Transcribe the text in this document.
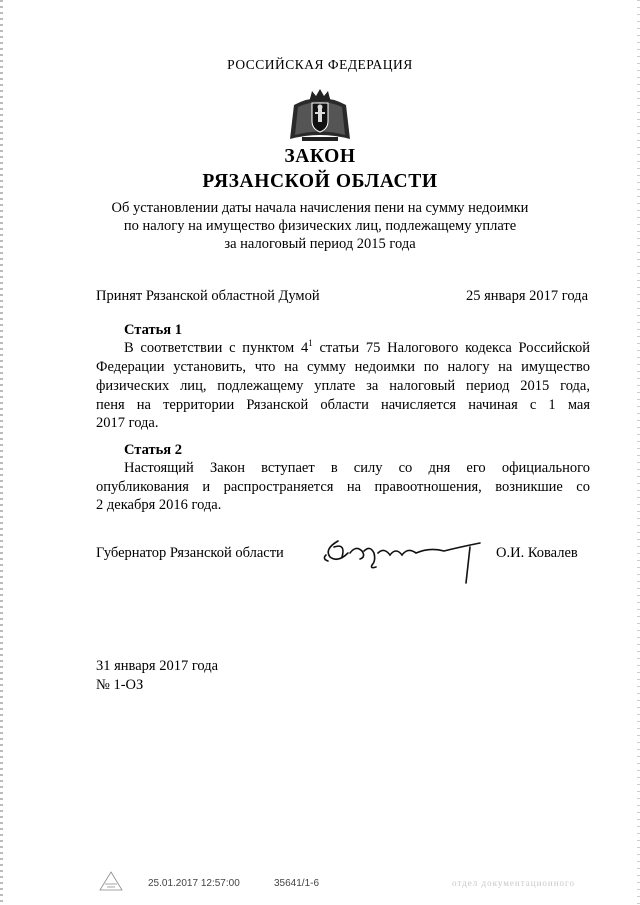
РОССИЙСКАЯ ФЕДЕРАЦИЯ
ЗАКОН
РЯЗАНСКОЙ ОБЛАСТИ
Об установлении даты начала начисления пени на сумму недоимки
по налогу на имущество физических лиц, подлежащему уплате
за налоговый период 2015 года
Принят Рязанской областной Думой	25 января 2017 года
Статья 1
В соответствии с пунктом $4^1$ статьи 75 Налогового кодекса Российской
Федерации установить, что на сумму недоимки по налогу на имущество
физических лиц, подлежащему уплате за налоговый период 2015 года,
пеня на территории Рязанской области начисляется начиная с 1 мая
2017 года.
Статья 2
Настоящий Закон вступает в силу со дня его официального
опубликования и распространяется на правоотношения, возникшие со
2 декабря 2016 года.
Губернатор Рязанской области	О.И. Ковалев
31 января 2017 года
№ 1-ОЗ
25.01.2017 12:57:00	35641/1-6	отдел документационного
